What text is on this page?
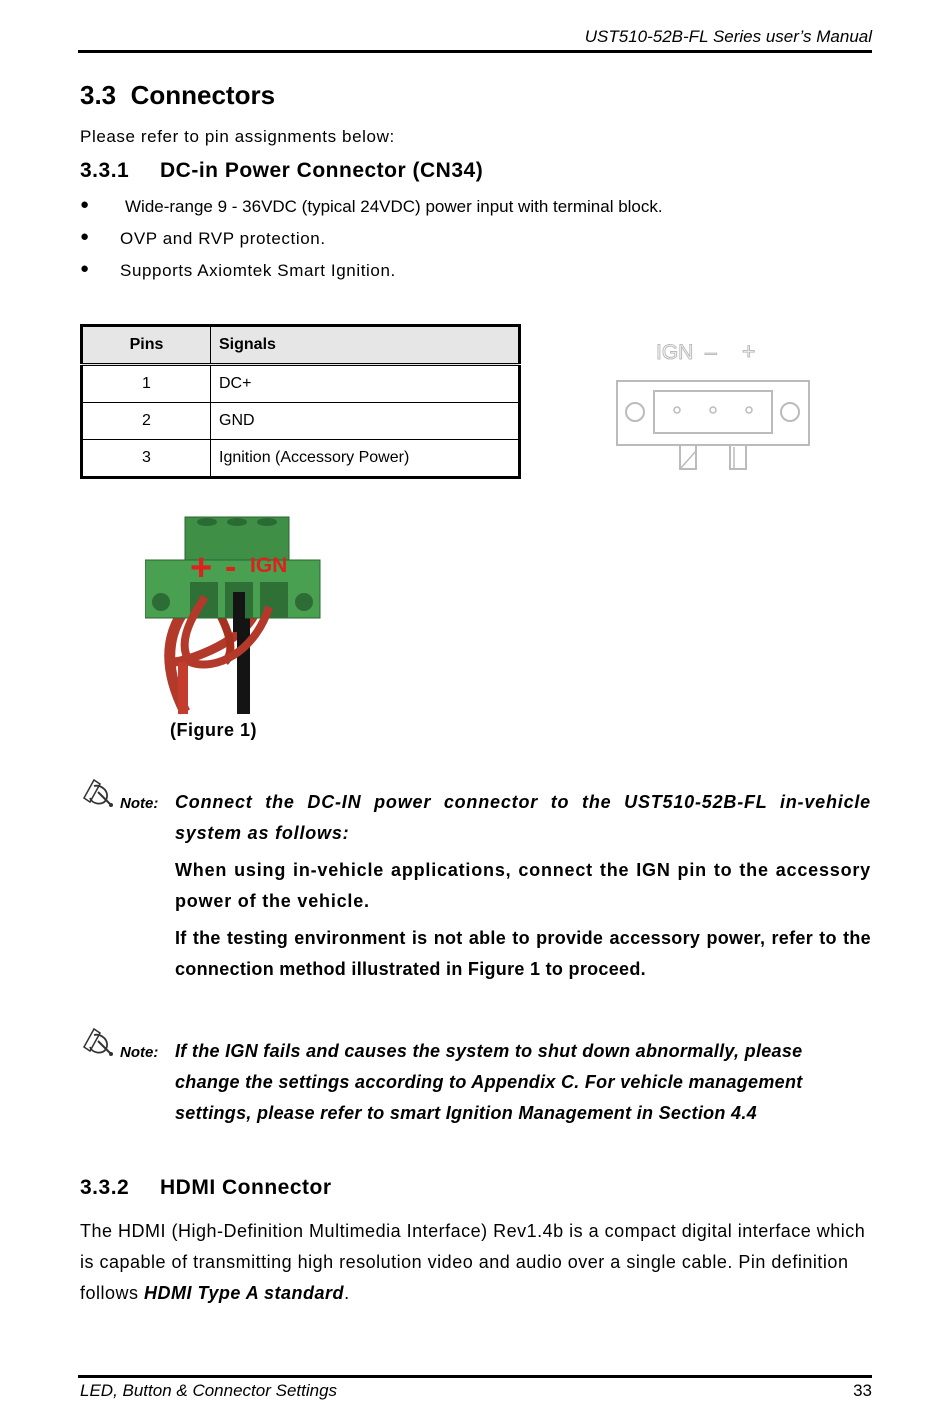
UST510-52B-FL Series user’s Manual
3.3  Connectors
Please refer to pin assignments below:
3.3.1 DC-in Power Connector (CN34)
● Wide-range 9 - 36VDC (typical 24VDC) power input with terminal block.
● OVP and RVP protection.
● Supports Axiomtek Smart Ignition.
Pins	Signals
1	DC+
2	GND
3	Ignition (Accessory Power)
IGN – +
+ - IGN
(Figure 1)
Note: Connect the DC-IN power connector to the UST510-52B-FL in-vehicle system as follows:

When using in-vehicle applications, connect the IGN pin to the accessory power of the vehicle.

If the testing environment is not able to provide accessory power, refer to the connection method illustrated in Figure 1 to proceed.

Note: If the IGN fails and causes the system to shut down abnormally, please change the settings according to Appendix C. For vehicle management settings, please refer to smart Ignition Management in Section 4.4

3.3.2 HDMI Connector
The HDMI (High-Definition Multimedia Interface) Rev1.4b is a compact digital interface which is capable of transmitting high resolution video and audio over a single cable. Pin definition follows HDMI Type A standard.
LED, Button & Connector Settings	33
